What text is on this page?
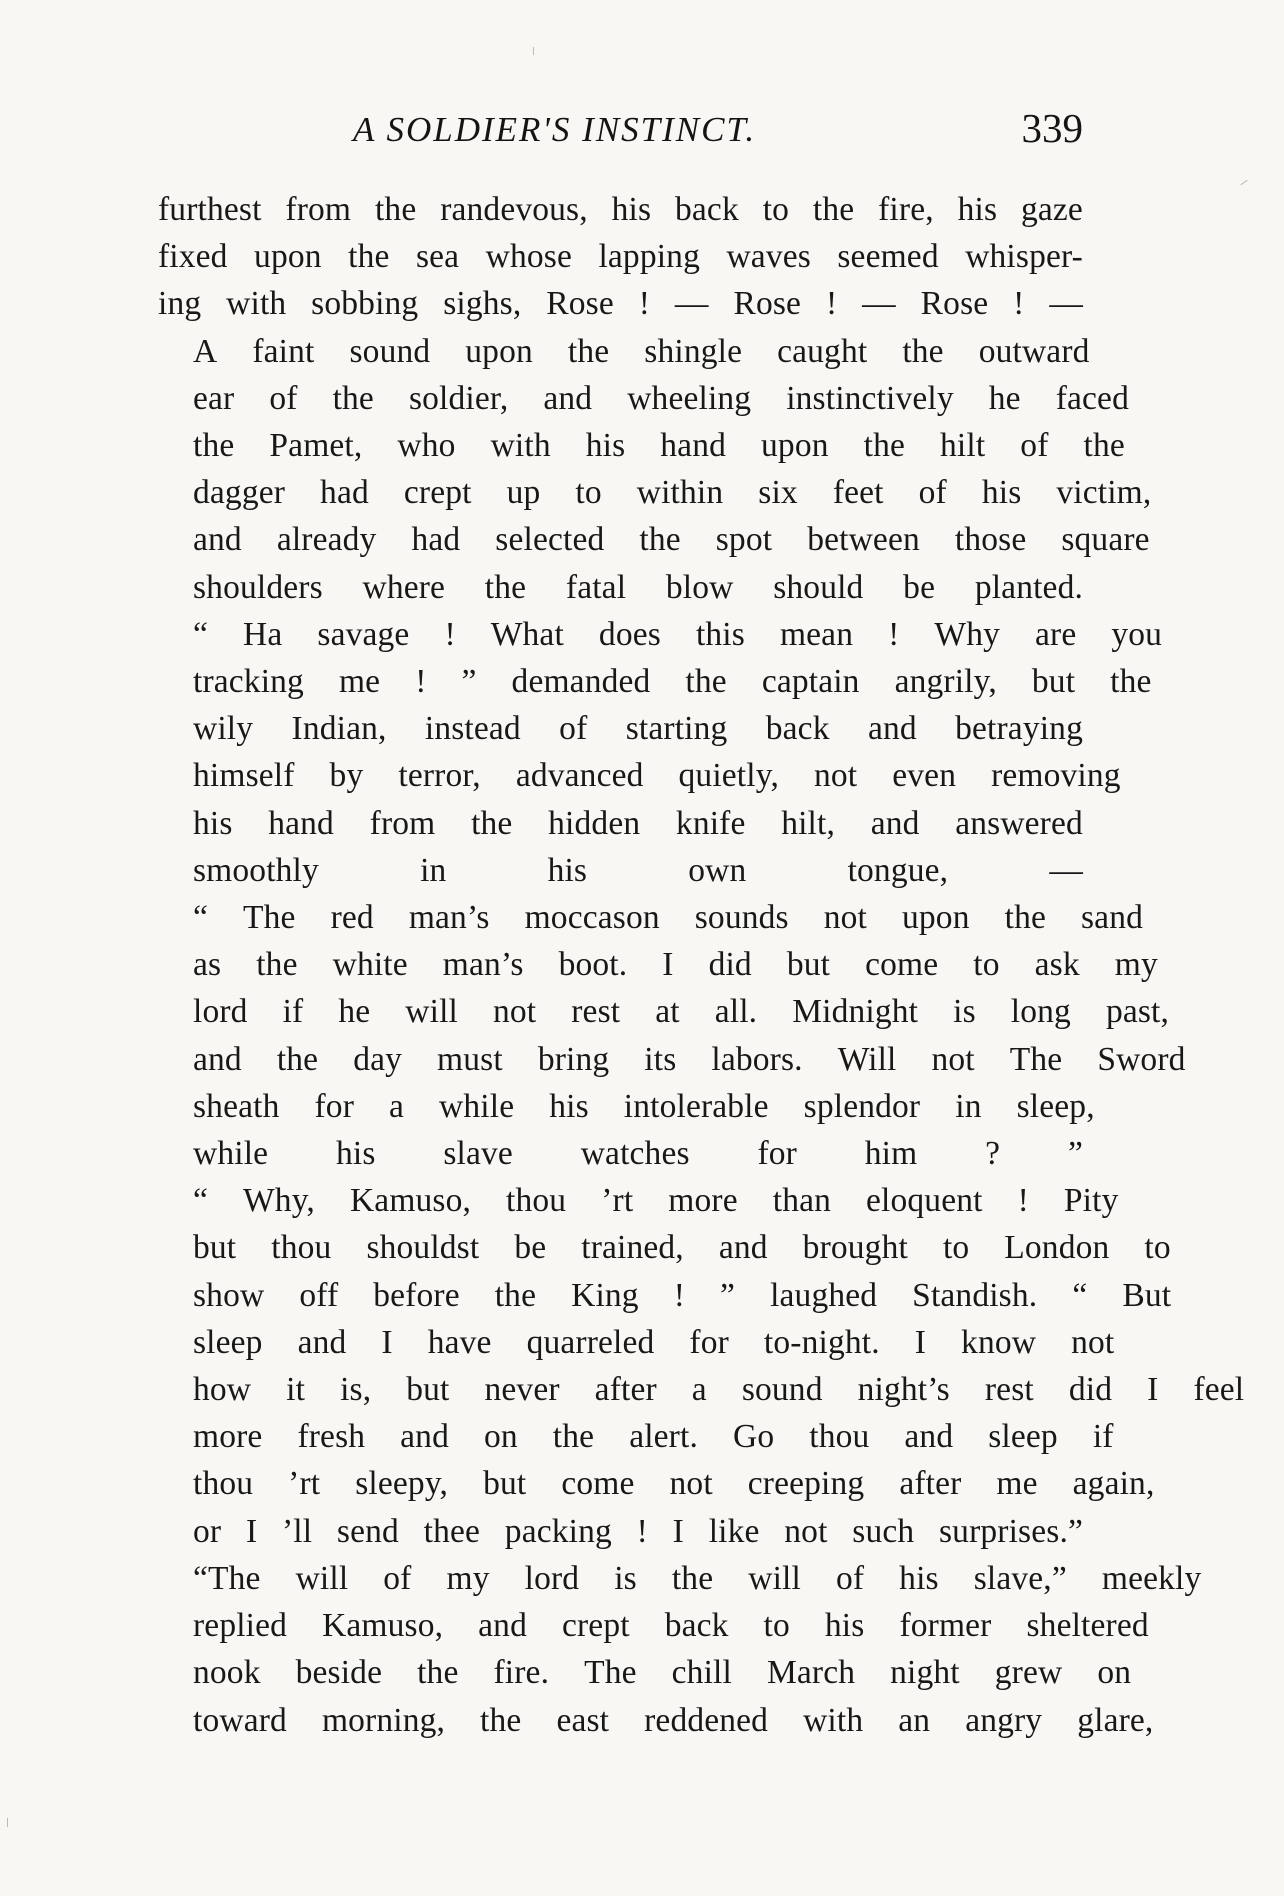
A SOLDIER'S INSTINCT.	339

furthest from the randevous, his back to the fire, his gaze
fixed upon the sea whose lapping waves seemed whisper-
ing with sobbing sighs, Rose ! — Rose ! — Rose ! —

A	faint	sound	upon	the	shingle	caught	the	outward
ear	of	the	soldier,	and	wheeling	instinctively	he	faced
the	Pamet,	who	with	his	hand	upon	the	hilt	of	the
dagger	had	crept	up	to	within	six	feet	of	his	victim,
and	already	had	selected	the	spot	between	those	square
shoulders where the fatal blow should be planted.

“	Ha	savage	!	What	does	this	mean	!	Why	are	you
tracking	me	!	”	demanded	the	captain	angrily,	but	the
wily	Indian,	instead	of	starting	back	and	betraying
himself	by	terror,	advanced	quietly,	not	even	removing
his	hand	from	the	hidden	knife	hilt,	and	answered
smoothly in his own tongue, —

“	The	red	man’s	moccason	sounds	not	upon	the	sand
as	the	white	man’s	boot.	I	did	but	come	to	ask	my
lord	if	he	will	not	rest	at	all.	Midnight	is	long	past,
and	the	day	must	bring	its	labors.	Will	not	The	Sword
sheath	for	a	while	his	intolerable	splendor	in	sleep,
while his slave watches for him ? ”

“	Why,	Kamuso,	thou	’rt	more	than	eloquent	!	Pity
but	thou	shouldst	be	trained,	and	brought	to	London	to
show	off	before	the	King	!	”	laughed	Standish.	“	But
sleep	and	I	have	quarreled	for	to-night.	I	know	not
how	it	is,	but	never	after	a	sound	night’s	rest	did	I	feel
more	fresh	and	on	the	alert.	Go	thou	and	sleep	if
thou	’rt	sleepy,	but	come	not	creeping	after	me	again,
or I ’ll send thee packing ! I like not such surprises.”

“The	will	of	my	lord	is	the	will	of	his	slave,”	meekly
replied	Kamuso,	and	crept	back	to	his	former	sheltered
nook	beside	the	fire.	The	chill	March	night	grew	on
toward	morning,	the	east	reddened	with	an	angry	glare,
